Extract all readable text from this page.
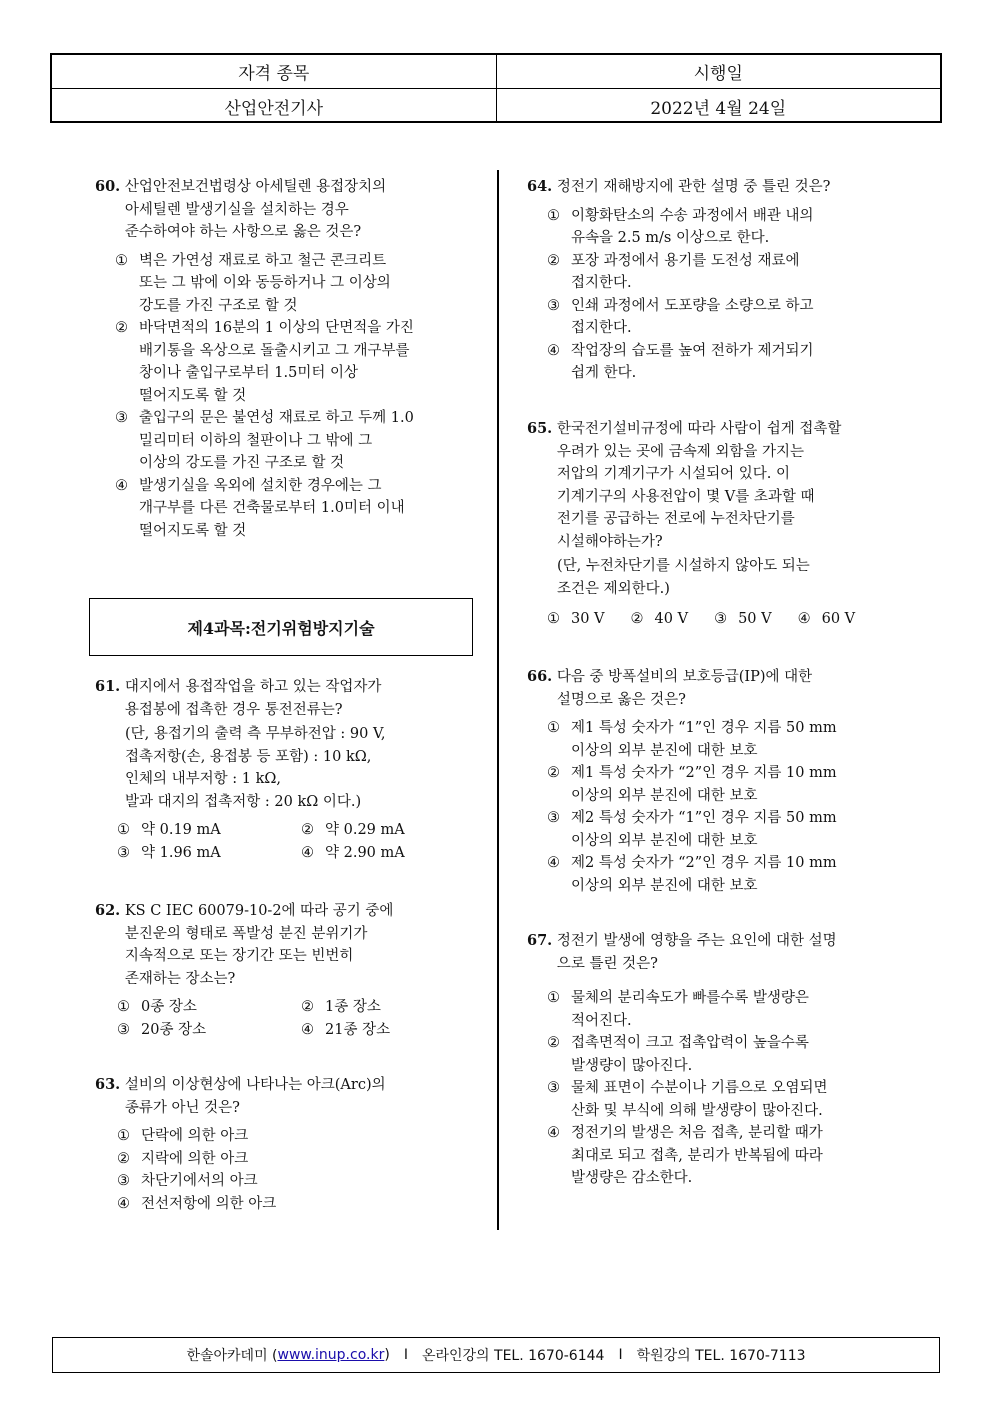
자격 종목	시행일
산업안전기사	2022년 4월 24일
60.
산업안전보건법령상 아세틸렌 용접장치의
아세틸렌 발생기실을 설치하는 경우
준수하여야 하는 사항으로 옳은 것은?
① 벽은 가연성 재료로 하고 철근 콘크리트
또는 그 밖에 이와 동등하거나 그 이상의
강도를 가진 구조로 할 것
② 바닥면적의 16분의 1 이상의 단면적을 가진
배기통을 옥상으로 돌출시키고 그 개구부를
창이나 출입구로부터 1.5미터 이상
떨어지도록 할 것
③ 출입구의 문은 불연성 재료로 하고 두께 1.0
밀리미터 이하의 철판이나 그 밖에 그
이상의 강도를 가진 구조로 할 것
④ 발생기실을 옥외에 설치한 경우에는 그
개구부를 다른 건축물로부터 1.0미터 이내
떨어지도록 할 것
제4과목:전기위험방지기술
61.
대지에서 용접작업을 하고 있는 작업자가
용접봉에 접촉한 경우 통전전류는?
(단, 용접기의 출력 측 무부하전압 : 90 V,
접촉저항(손, 용접봉 등 포함) : 10 kΩ,
인체의 내부저항 : 1 kΩ,
발과 대지의 접촉저항 : 20 kΩ 이다.)
① 약 0.19 mA	② 약 0.29 mA
③ 약 1.96 mA	④ 약 2.90 mA
62.
KS C IEC 60079-10-2에 따라 공기 중에
분진운의 형태로 폭발성 분진 분위기가
지속적으로 또는 장기간 또는 빈번히
존재하는 장소는?
① 0종 장소	② 1종 장소
③ 20종 장소	④ 21종 장소
63.
설비의 이상현상에 나타나는 아크(Arc)의
종류가 아닌 것은?
① 단락에 의한 아크
② 지락에 의한 아크
③ 차단기에서의 아크
④ 전선저항에 의한 아크
64.
정전기 재해방지에 관한 설명 중 틀린 것은?
① 이황화탄소의 수송 과정에서 배관 내의
유속을 2.5 m/s 이상으로 한다.
② 포장 과정에서 용기를 도전성 재료에
접지한다.
③ 인쇄 과정에서 도포량을 소량으로 하고
접지한다.
④ 작업장의 습도를 높여 전하가 제거되기
쉽게 한다.
65.
한국전기설비규정에 따라 사람이 쉽게 접촉할
우려가 있는 곳에 금속제 외함을 가지는
저압의 기계기구가 시설되어 있다. 이
기계기구의 사용전압이 몇 V를 초과할 때
전기를 공급하는 전로에 누전차단기를
시설해야하는가?
(단, 누전차단기를 시설하지 않아도 되는
조건은 제외한다.)
① 30 V ② 40 V ③ 50 V ④ 60 V
66.
다음 중 방폭설비의 보호등급(IP)에 대한
설명으로 옳은 것은?
① 제1 특성 숫자가 “1”인 경우 지름 50 mm
이상의 외부 분진에 대한 보호
② 제1 특성 숫자가 “2”인 경우 지름 10 mm
이상의 외부 분진에 대한 보호
③ 제2 특성 숫자가 “1”인 경우 지름 50 mm
이상의 외부 분진에 대한 보호
④ 제2 특성 숫자가 “2”인 경우 지름 10 mm
이상의 외부 분진에 대한 보호
67.
정전기 발생에 영향을 주는 요인에 대한 설명
으로 틀린 것은?
① 물체의 분리속도가 빠를수록 발생량은
적어진다.
② 접촉면적이 크고 접촉압력이 높을수록
발생량이 많아진다.
③ 물체 표면이 수분이나 기름으로 오염되면
산화 및 부식에 의해 발생량이 많아진다.
④ 정전기의 발생은 처음 접촉, 분리할 때가
최대로 되고 접촉, 분리가 반복됨에 따라
발생량은 감소한다.
한솔아카데미 ( www.inup.co.kr ) I 온라인강의 TEL. 1670-6144 I 학원강의 TEL. 1670-7113
